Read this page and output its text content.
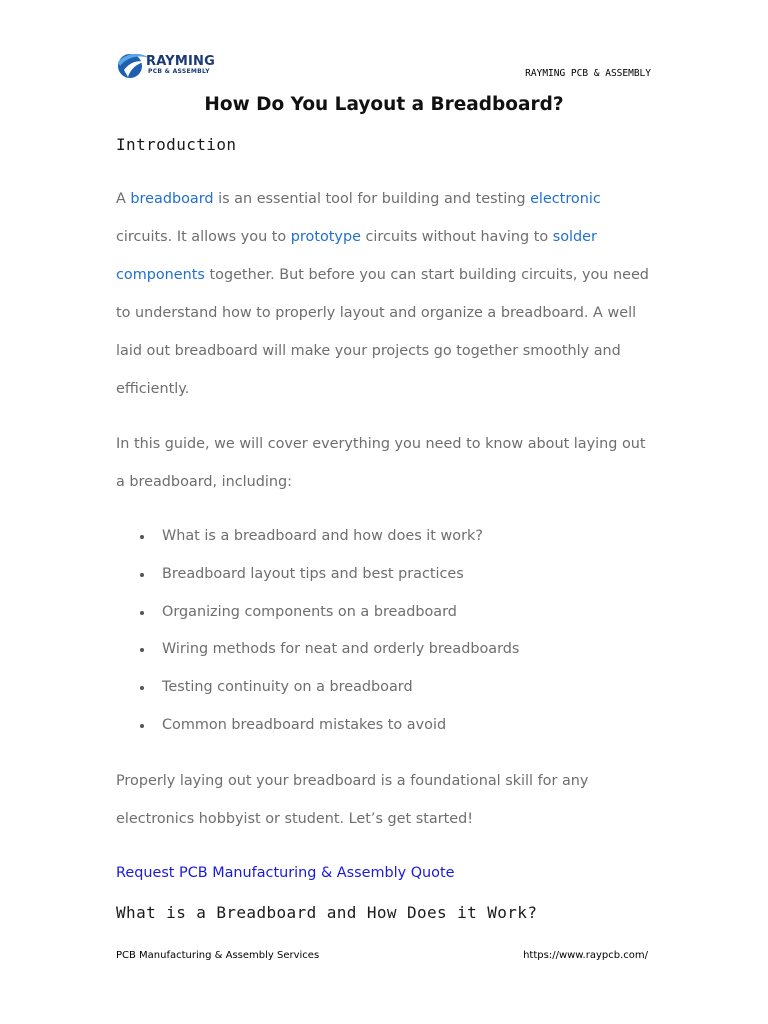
RAYMING
PCB & ASSEMBLY	RAYMING PCB & ASSEMBLY
How Do You Layout a Breadboard?
Introduction

A breadboard is an essential tool for building and testing electronic circuits. It allows you to prototype circuits without having to solder components together. But before you can start building circuits, you need to understand how to properly layout and organize a breadboard. A well laid out breadboard will make your projects go together smoothly and efficiently.

In this guide, we will cover everything you need to know about laying out a breadboard, including:

What is a breadboard and how does it work?
Breadboard layout tips and best practices
Organizing components on a breadboard
Wiring methods for neat and orderly breadboards
Testing continuity on a breadboard
Common breadboard mistakes to avoid

Properly laying out your breadboard is a foundational skill for any electronics hobbyist or student. Let’s get started!

Request PCB Manufacturing & Assembly Quote
What is a Breadboard and How Does it Work?
PCB Manufacturing & Assembly Services	https://www.raypcb.com/
